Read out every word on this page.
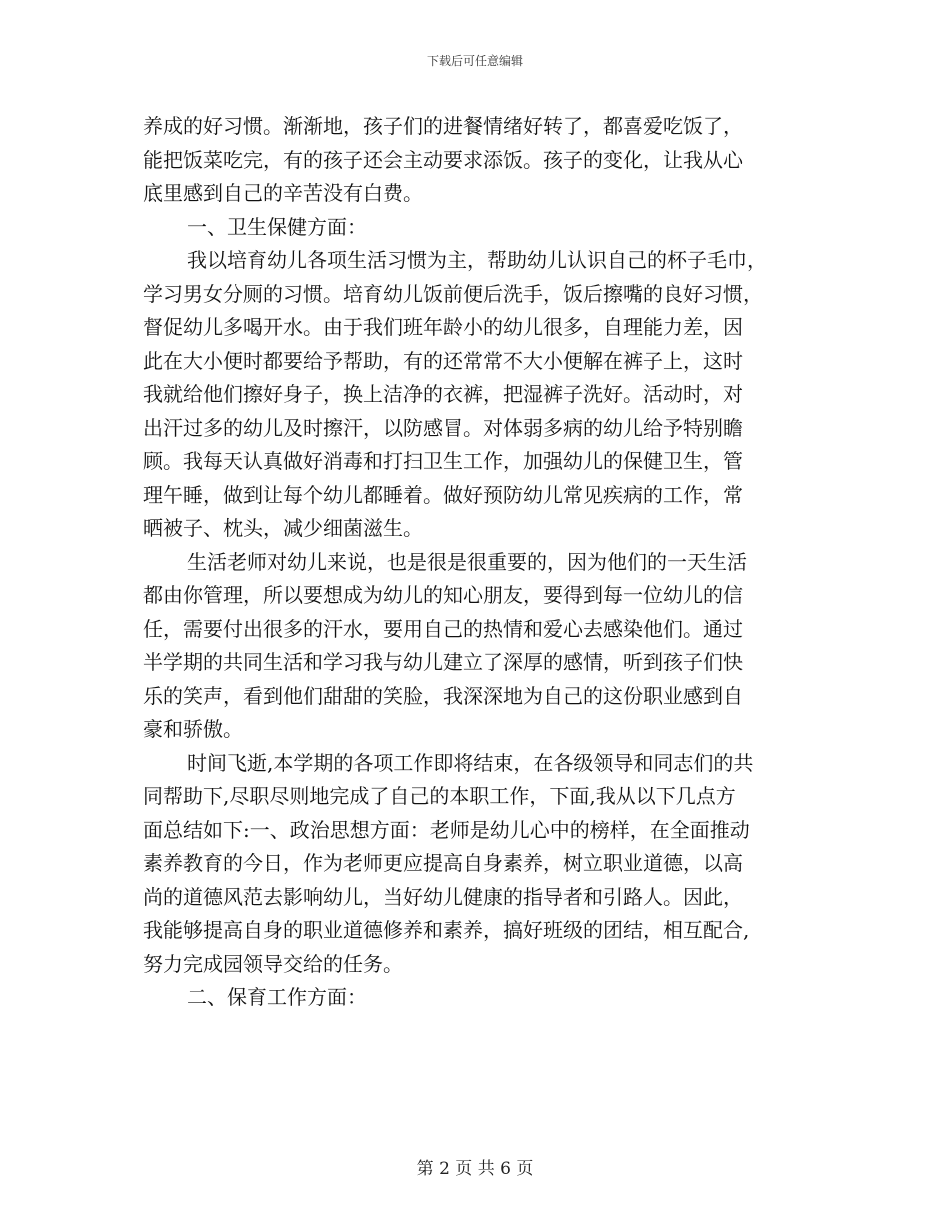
下载后可任意编辑
养成的好习惯。渐渐地，孩子们的进餐情绪好转了，都喜爱吃饭了，
能把饭菜吃完，有的孩子还会主动要求添饭。孩子的变化，让我从心
底里感到自己的辛苦没有白费。
一、卫生保健方面：
我以培育幼儿各项生活习惯为主，帮助幼儿认识自己的杯子毛巾，
学习男女分厕的习惯。培育幼儿饭前便后洗手，饭后擦嘴的良好习惯，
督促幼儿多喝开水。由于我们班年龄小的幼儿很多，自理能力差，因
此在大小便时都要给予帮助，有的还常常不大小便解在裤子上，这时
我就给他们擦好身子，换上洁净的衣裤，把湿裤子洗好。活动时，对
出汗过多的幼儿及时擦汗，以防感冒。对体弱多病的幼儿给予特别瞻
顾。我每天认真做好消毒和打扫卫生工作，加强幼儿的保健卫生，管
理午睡，做到让每个幼儿都睡着。做好预防幼儿常见疾病的工作，常
晒被子、枕头，减少细菌滋生。
生活老师对幼儿来说，也是很是很重要的，因为他们的一天生活
都由你管理，所以要想成为幼儿的知心朋友，要得到每一位幼儿的信
任，需要付出很多的汗水，要用自己的热情和爱心去感染他们。通过
半学期的共同生活和学习我与幼儿建立了深厚的感情，听到孩子们快
乐的笑声，看到他们甜甜的笑脸，我深深地为自己的这份职业感到自
豪和骄傲。
时间飞逝,本学期的各项工作即将结束，在各级领导和同志们的共
同帮助下,尽职尽则地完成了自己的本职工作，下面,我从以下几点方
面总结如下:一、政治思想方面：老师是幼儿心中的榜样，在全面推动
素养教育的今日，作为老师更应提高自身素养，树立职业道德，以高
尚的道德风范去影响幼儿，当好幼儿健康的指导者和引路人。因此，
我能够提高自身的职业道德修养和素养，搞好班级的团结，相互配合,
努力完成园领导交给的任务。
二、保育工作方面：
第 2 页 共 6 页
